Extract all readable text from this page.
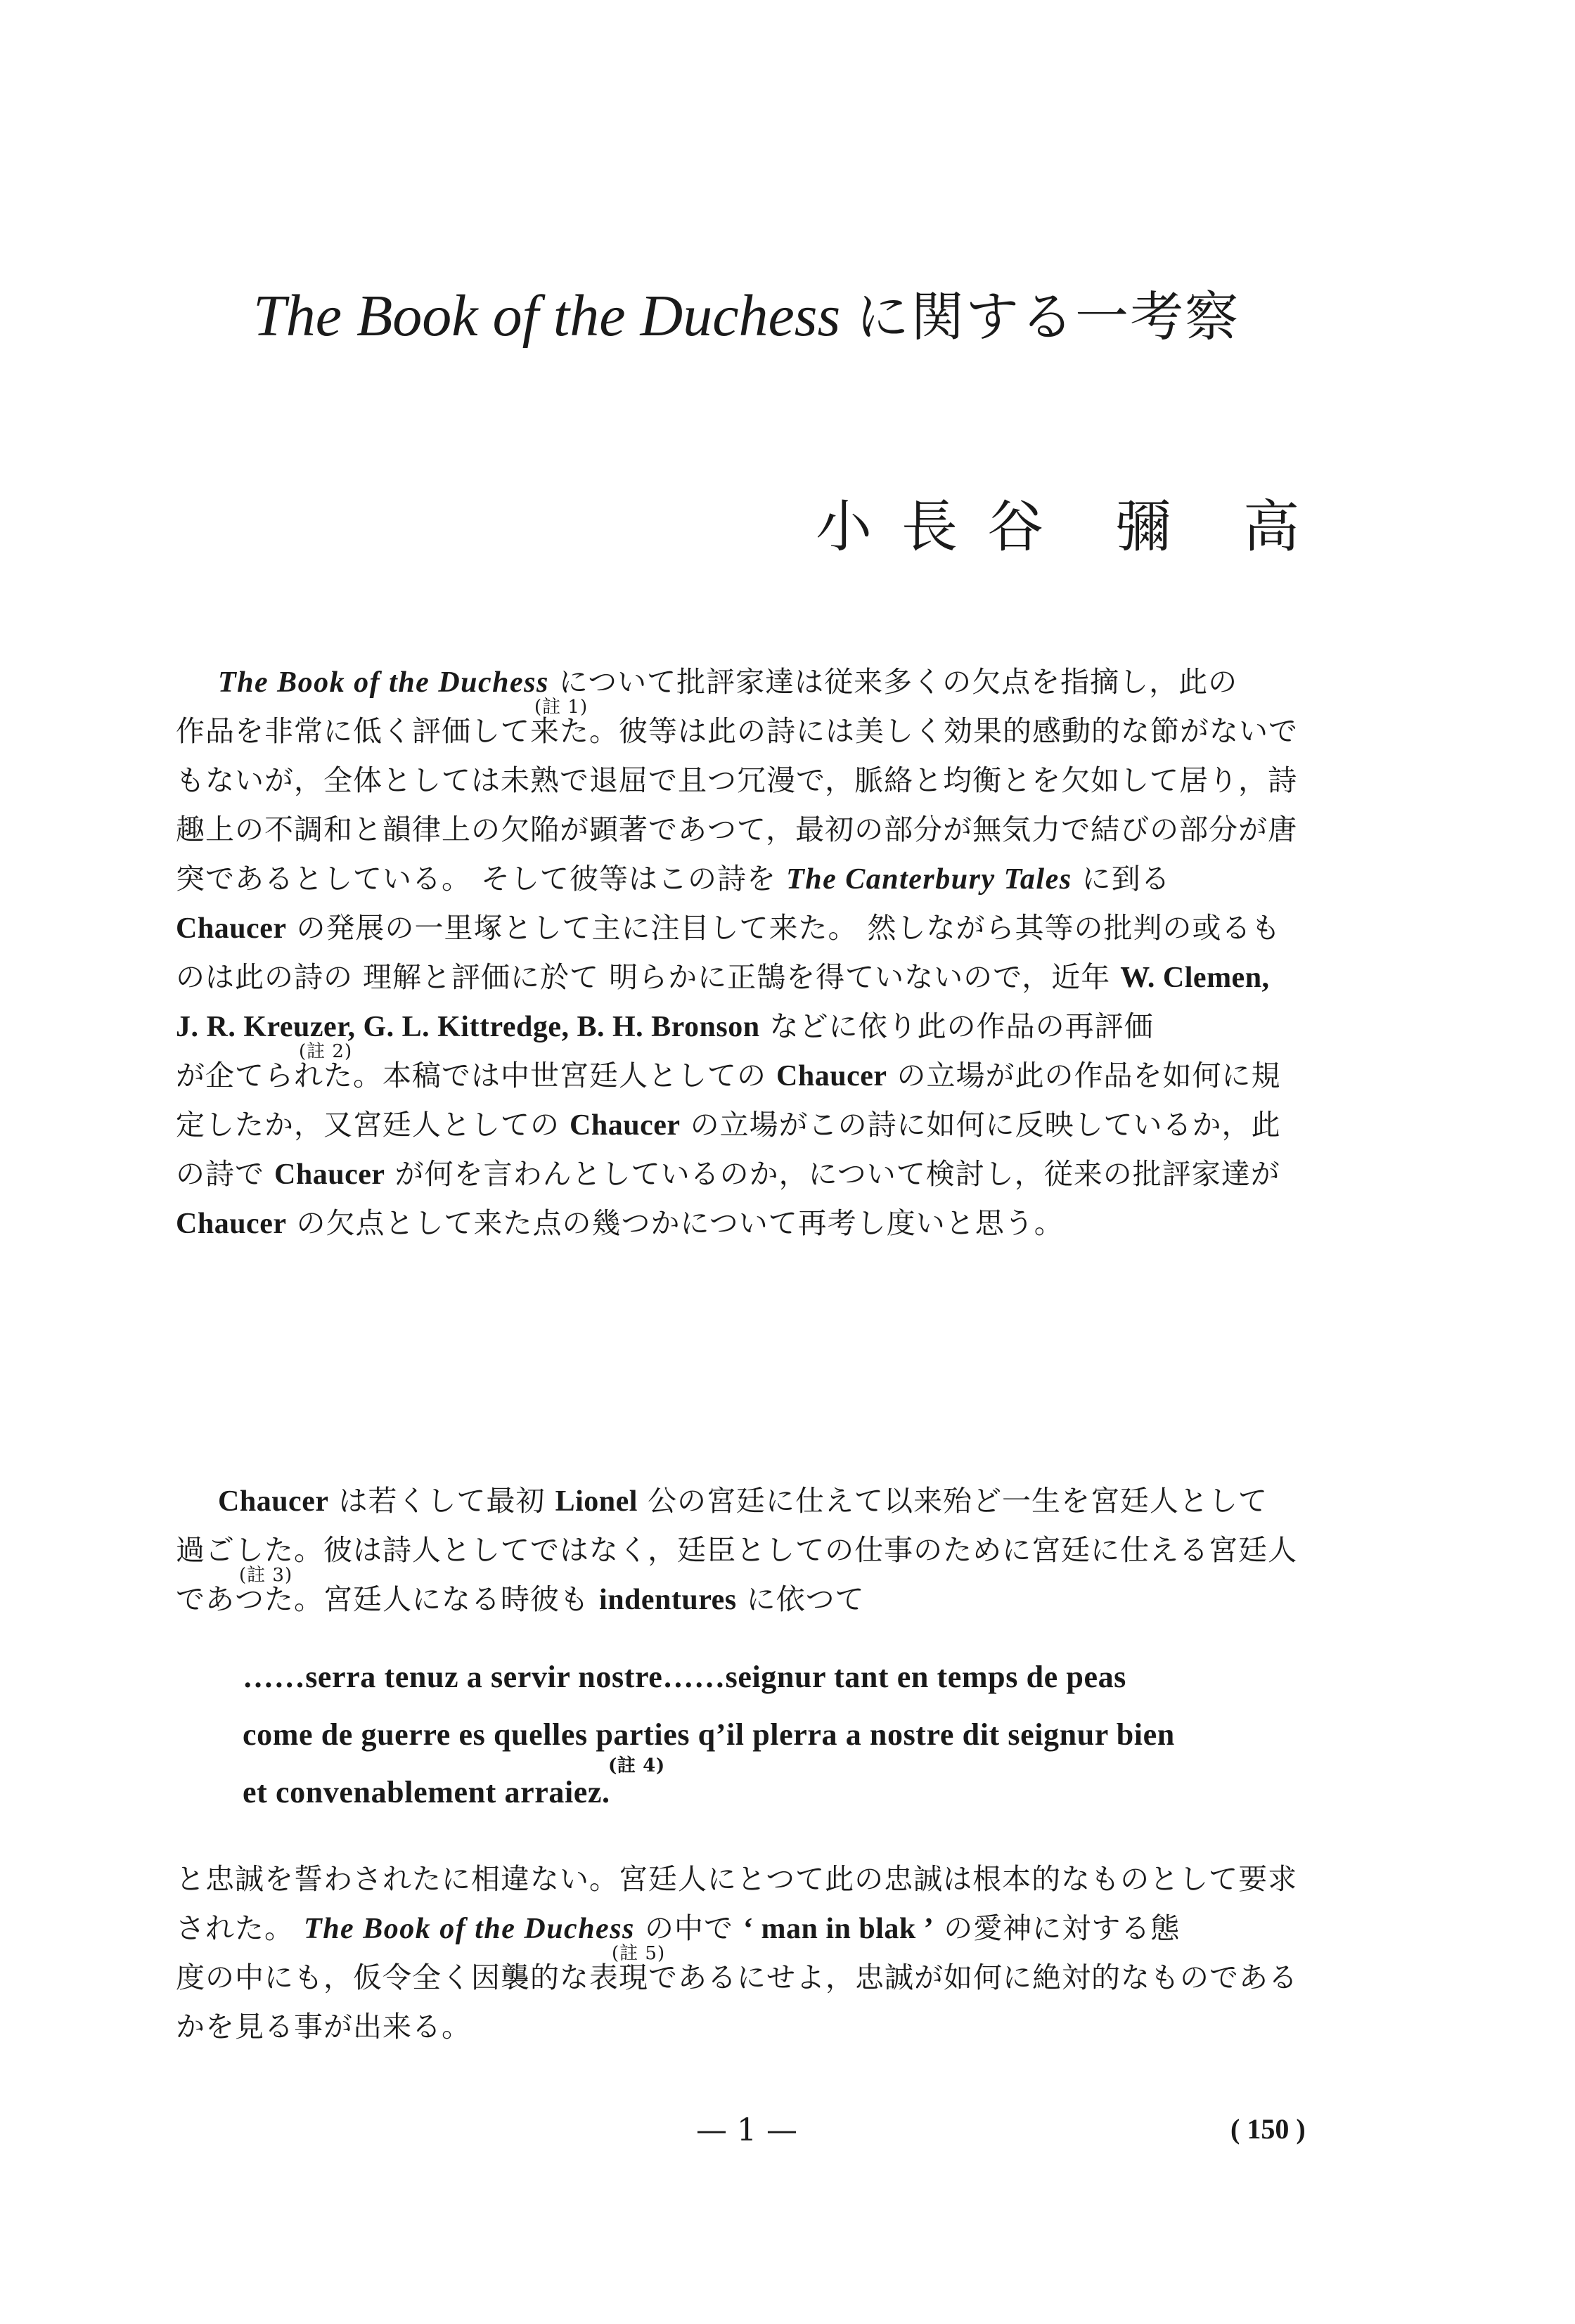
The Book of the Duchess に関する一考察
小 長 谷 彌 高
The Book of the Duchess について批評家達は従来多くの欠点を指摘し，此の
作品を非常に低く評価して来た。彼等は此の詩には美しく効果的感動的な節がないで
(註 1)
もないが，全体としては未熟で退屈で且つ冗漫で，脈絡と均衡とを欠如して居り，詩
趣上の不調和と韻律上の欠陥が顕著であつて，最初の部分が無気力で結びの部分が唐
突であるとしている。 そして彼等はこの詩を The Canterbury Tales に到る
Chaucer の発展の一里塚として主に注目して来た。 然しながら其等の批判の或るも
のは此の詩の 理解と評価に於て 明らかに正鵠を得ていないので，近年 W. Clemen,
J. R. Kreuzer, G. L. Kittredge, B. H. Bronson などに依り此の作品の再評価
が企てられた。本稿では中世宮廷人としての Chaucer の立場が此の作品を如何に規
(註 2)
定したか，又宮廷人としての Chaucer の立場がこの詩に如何に反映しているか，此
の詩で Chaucer が何を言わんとしているのか，について検討し，従来の批評家達が
Chaucer の欠点として来た点の幾つかについて再考し度いと思う。
Chaucer は若くして最初 Lionel 公の宮廷に仕えて以来殆ど一生を宮廷人として
過ごした。彼は詩人としてではなく，廷臣としての仕事のために宮廷に仕える宮廷人
であつた。宮廷人になる時彼も indentures に依つて
(註 3)
……serra tenuz a servir nostre……seignur tant en temps de peas
come de guerre es quelles parties q’il plerra a nostre dit seignur bien
et convenablement arraiez.
(註 4)
と忠誠を誓わされたに相違ない。宮廷人にとつて此の忠誠は根本的なものとして要求
された。 The Book of the Duchess の中で ‘ man in blak ’ の愛神に対する態
度の中にも，仮令全く因襲的な表現であるにせよ，忠誠が如何に絶対的なものである
(註 5)
かを見る事が出来る。
— 1 —	( 150 )
